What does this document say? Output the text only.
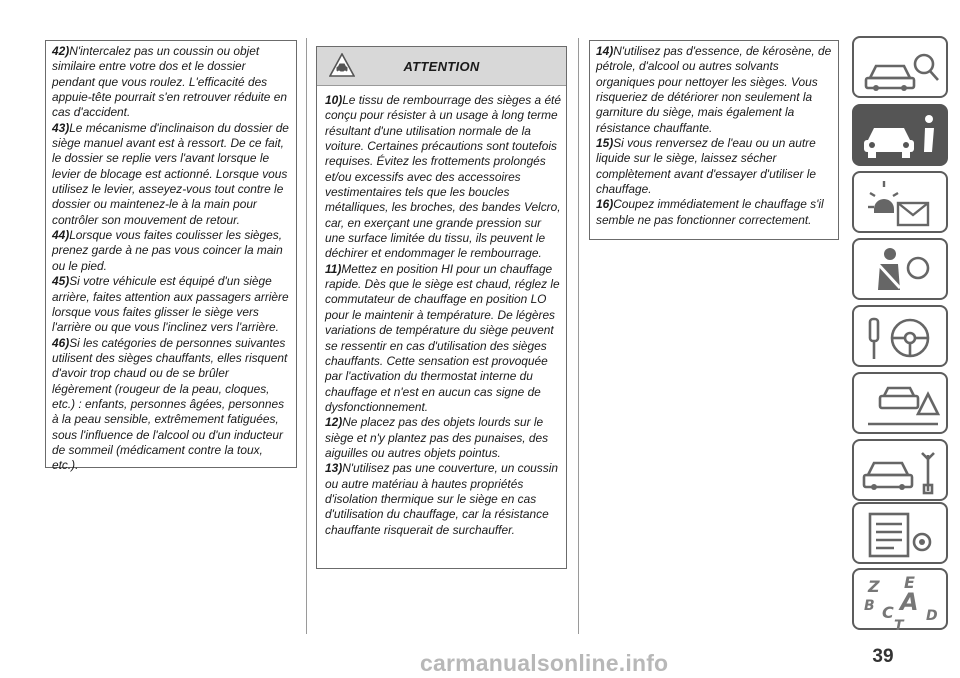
42)N'intercalez pas un coussin ou objet similaire entre votre dos et le dossier pendant que vous roulez. L'efficacité des appuie-tête pourrait s'en retrouver réduite en cas d'accident.

43)Le mécanisme d'inclinaison du dossier de siège manuel avant est à ressort. De ce fait, le dossier se replie vers l'avant lorsque le levier de blocage est actionné. Lorsque vous utilisez le levier, asseyez-vous tout contre le dossier ou maintenez-le à la main pour contrôler son mouvement de retour.

44)Lorsque vous faites coulisser les sièges, prenez garde à ne pas vous coincer la main ou le pied.

45)Si votre véhicule est équipé d'un siège arrière, faites attention aux passagers arrière lorsque vous faites glisser le siège vers l'arrière ou que vous l'inclinez vers l'arrière.

46)Si les catégories de personnes suivantes utilisent des sièges chauffants, elles risquent d'avoir trop chaud ou de se brûler légèrement (rougeur de la peau, cloques, etc.) : enfants, personnes âgées, personnes à la peau sensible, extrêmement fatiguées, sous l'influence de l'alcool ou d'un inducteur de sommeil (médicament contre la toux, etc.).

ATTENTION

10)Le tissu de rembourrage des sièges a été conçu pour résister à un usage à long terme résultant d'une utilisation normale de la voiture. Certaines précautions sont toutefois requises. Évitez les frottements prolongés et/ou excessifs avec des accessoires vestimentaires tels que les boucles métalliques, les broches, des bandes Velcro, car, en exerçant une grande pression sur une surface limitée du tissu, ils peuvent le déchirer et endommager le rembourrage.

11)Mettez en position HI pour un chauffage rapide. Dès que le siège est chaud, réglez le commutateur de chauffage en position LO pour le maintenir à température. De légères variations de température du siège peuvent se ressentir en cas d'utilisation des sièges chauffants. Cette sensation est provoquée par l'activation du thermostat interne du chauffage et n'est en aucun cas signe de dysfonctionnement.

12)Ne placez pas des objets lourds sur le siège et n'y plantez pas des punaises, des aiguilles ou autres objets pointus.

13)N'utilisez pas une couverture, un coussin ou autre matériau à hautes propriétés d'isolation thermique sur le siège en cas d'utilisation du chauffage, car la résistance chauffante risquerait de surchauffer.

14)N'utilisez pas d'essence, de kérosène, de pétrole, d'alcool ou autres solvants organiques pour nettoyer les sièges. Vous risqueriez de détériorer non seulement la garniture du siège, mais également la résistance chauffante.

15)Si vous renversez de l'eau ou un autre liquide sur le siège, laissez sécher complètement avant d'essayer d'utiliser le chauffage.

16)Coupez immédiatement le chauffage s'il semble ne pas fonctionner correctement.

Z E
B C A D
T
39
carmanualsonline.info
